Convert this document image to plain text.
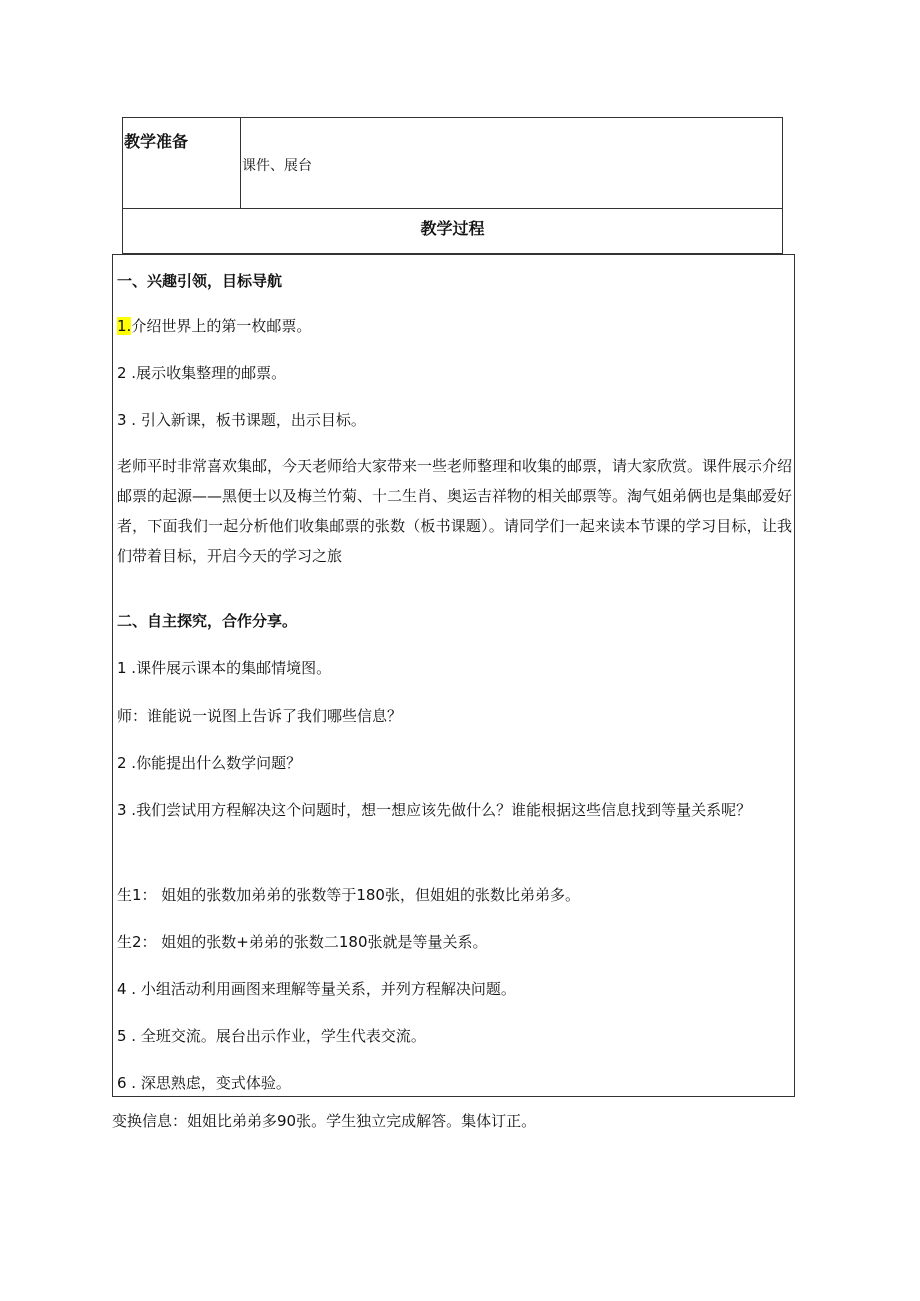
教学准备
课件、展台
教学过程
一、兴趣引领，目标导航
1.介绍世界上的第一枚邮票。
2 .展示收集整理的邮票。
3 . 引入新课，板书课题，出示目标。
老师平时非常喜欢集邮，今天老师给大家带来一些老师整理和收集的邮票，请大家欣赏。课件展示介绍邮票的起源——黑便士以及梅兰竹菊、十二生肖、奥运吉祥物的相关邮票等。淘气姐弟俩也是集邮爱好者，下面我们一起分析他们收集邮票的张数（板书课题）。请同学们一起来读本节课的学习目标，让我们带着目标，开启今天的学习之旅
二、自主探究，合作分享。
1 .课件展示课本的集邮情境图。
师：谁能说一说图上告诉了我们哪些信息？
2 .你能提出什么数学问题？
3 .我们尝试用方程解决这个问题时，想一想应该先做什么？谁能根据这些信息找到等量关系呢？
生1： 姐姐的张数加弟弟的张数等于180张，但姐姐的张数比弟弟多。
生2： 姐姐的张数+弟弟的张数二180张就是等量关系。
4 . 小组活动利用画图来理解等量关系，并列方程解决问题。
5 . 全班交流。展台出示作业，学生代表交流。
6 . 深思熟虑，变式体验。
变换信息：姐姐比弟弟多90张。学生独立完成解答。集体订正。
